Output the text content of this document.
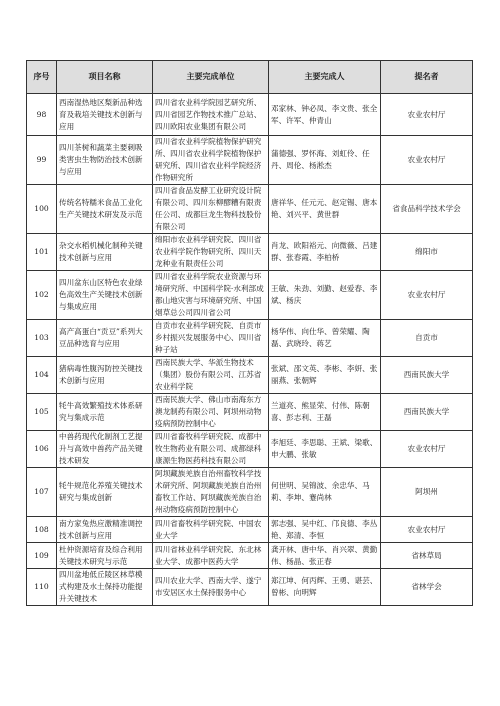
序号	项目名称	主要完成单位	主要完成人	提名者
98	西南湿热地区梨新品种选育及栽培关键技术创新与应用	四川省农业科学院园艺研究所、四川省园艺作物技术推广总站、四川欧阳农业集团有限公司	邓家林、钟必凤、李文贵、张全军、许军、仲青山	农业农村厅
99	四川茶树和蔬菜主要刺吸类害虫生物防治技术创新与应用	四川省农业科学院植物保护研究所、四川省农业科学院植物保护研究所、四川省农业科学院经济作物研究所	蒲德强、罗怀海、刘虹伶、任丹、周伦、杨淞杰	农业农村厅
100	传统名特糯米食品工业化生产关键技术研发及示范	四川省食品发酵工业研究设计院有限公司、四川东柳醪糟有限责任公司、成都巨龙生物科技股份有限公司	唐祥华、任元元、赵定锡、唐本艳、刘兴平、黄世群	省食品科学技术学会
101	杂交水稻机械化制种关键技术创新与应用	绵阳市农业科学研究院、四川省农业科学院作物研究所、四川天龙种业有限责任公司	肖龙、欧阳裕元、向微薇、吕建群、张春霞、李柏桥	绵阳市
102	四川盆东山区特色农业绿色高效生产关键技术创新与集成应用	四川省农业科学院农业资源与环境研究所、中国科学院·水利部成都山地灾害与环境研究所、中国烟草总公司四川省公司	王敏、朱劲、刘勤、赵爱春、李斌、杨庆	农业农村厅
103	高产高蛋白“贡豆”系列大豆品种选育与应用	自贡市农业科学研究院、自贡市乡村振兴发展服务中心、四川省种子站	杨华伟、向仕华、曾荣耀、陶磊、武晓玲、蒋艺	自贡市
104	猪病毒性腹泻防控关键技术创新与应用	西南民族大学、华派生物技术（集团）股份有限公司、江苏省农业科学院	张斌、邵文英、李彬、李妍、张丽燕、张朝辉	西南民族大学
105	牦牛高效繁殖技术体系研究与集成示范	西南民族大学、佛山市南海东方澳龙制药有限公司、阿坝州动物疫病预防控制中心	兰道亮、熊显荣、付伟、陈朝喜、彭志利、王磊	西南民族大学
106	中兽药现代化制剂工艺提升与高效中兽药产品关键技术研发	四川省畜牧科学研究院、成都中牧生物药业有限公司、成都绿科康源生物医药科技有限公司	李旭廷、李思聪、王斌、梁歌、申大鹏、张敏	农业农村厅
107	牦牛规范化养殖关键技术研究与集成创新	阿坝藏族羌族自治州畜牧科学技术研究所、阿坝藏族羌族自治州畜牧工作站、阿坝藏族羌族自治州动物疫病预防控制中心	何世明、吴锦波、余忠华、马莉、李坤、蹇尚林	阿坝州
108	南方家兔热应激精准调控技术创新与应用	四川省畜牧科学研究院、中国农业大学	郭志强、吴中红、邝良德、李丛艳、郑清、李恒	农业农村厅
109	杜仲资源培育及综合利用关键技术研究与示范	四川省林业科学研究院、东北林业大学、成都中医药大学	龚开林、唐中华、肖兴翠、黄勤伟、杨晶、张正春	省林草局
110	四川盆地低丘陵区林草模式构建及水土保持功能提升关键技术	四川农业大学、西南大学、遂宁市安居区水土保持服务中心	郑江坤、何丙辉、王勇、谌芸、曾彬、向明辉	省林学会
